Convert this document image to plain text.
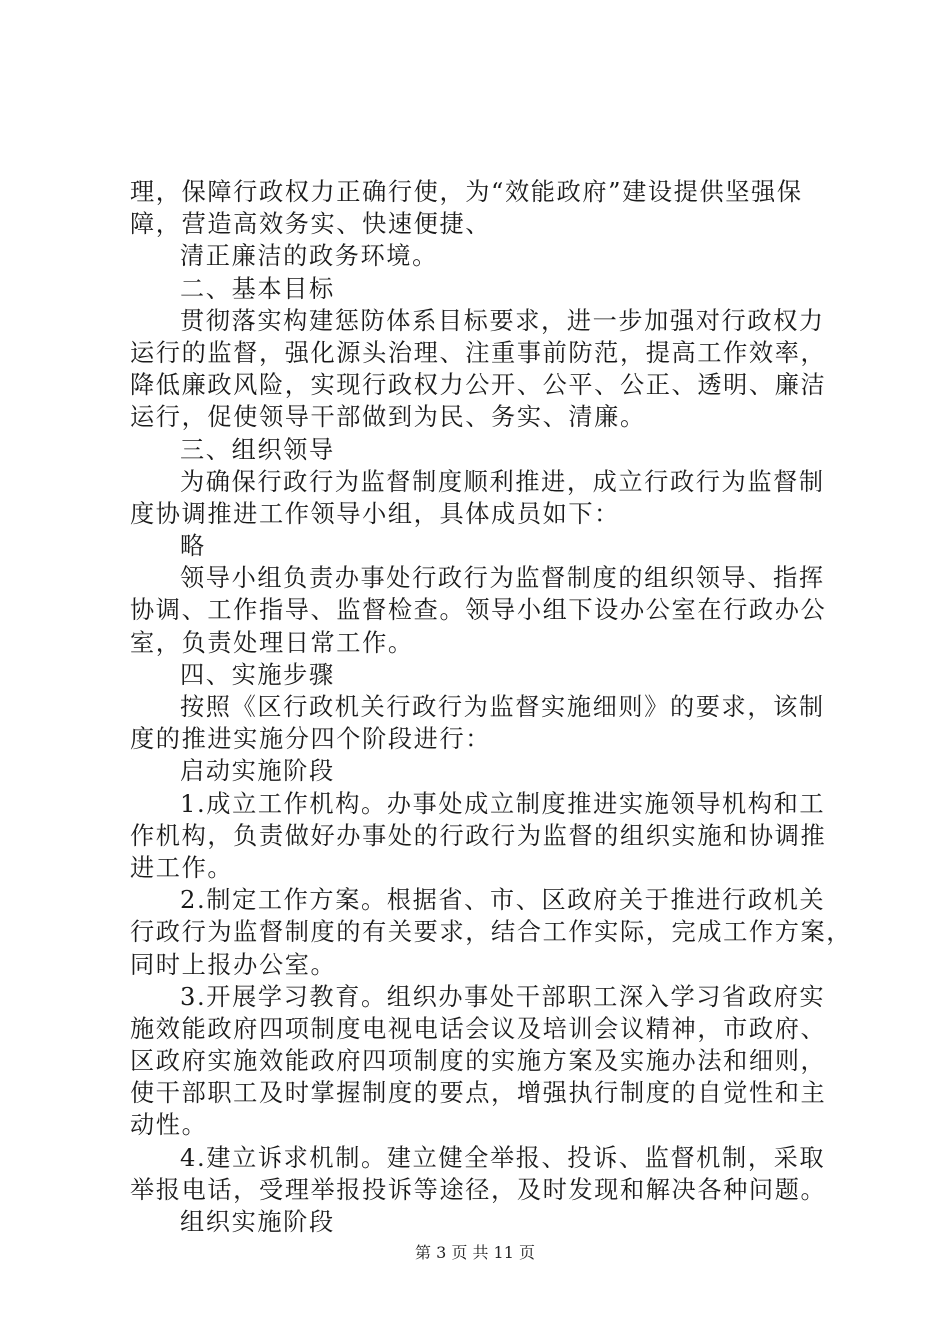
理，保障行政权力正确行使，为“效能政府”建设提供坚强保
障，营造高效务实、快速便捷、
清正廉洁的政务环境。
二、基本目标
贯彻落实构建惩防体系目标要求，进一步加强对行政权力
运行的监督，强化源头治理、注重事前防范，提高工作效率，
降低廉政风险，实现行政权力公开、公平、公正、透明、廉洁
运行，促使领导干部做到为民、务实、清廉。
三、组织领导
为确保行政行为监督制度顺利推进，成立行政行为监督制
度协调推进工作领导小组，具体成员如下：
略
领导小组负责办事处行政行为监督制度的组织领导、指挥
协调、工作指导、监督检查。领导小组下设办公室在行政办公
室，负责处理日常工作。
四、实施步骤
按照《区行政机关行政行为监督实施细则》的要求，该制
度的推进实施分四个阶段进行：
启动实施阶段
1.成立工作机构。办事处成立制度推进实施领导机构和工
作机构，负责做好办事处的行政行为监督的组织实施和协调推
进工作。
2.制定工作方案。根据省、市、区政府关于推进行政机关
行政行为监督制度的有关要求，结合工作实际，完成工作方案，
同时上报办公室。
3.开展学习教育。组织办事处干部职工深入学习省政府实
施效能政府四项制度电视电话会议及培训会议精神，市政府、
区政府实施效能政府四项制度的实施方案及实施办法和细则，
使干部职工及时掌握制度的要点，增强执行制度的自觉性和主
动性。
4.建立诉求机制。建立健全举报、投诉、监督机制，采取
举报电话，受理举报投诉等途径，及时发现和解决各种问题。
组织实施阶段
第 3 页 共 11 页
